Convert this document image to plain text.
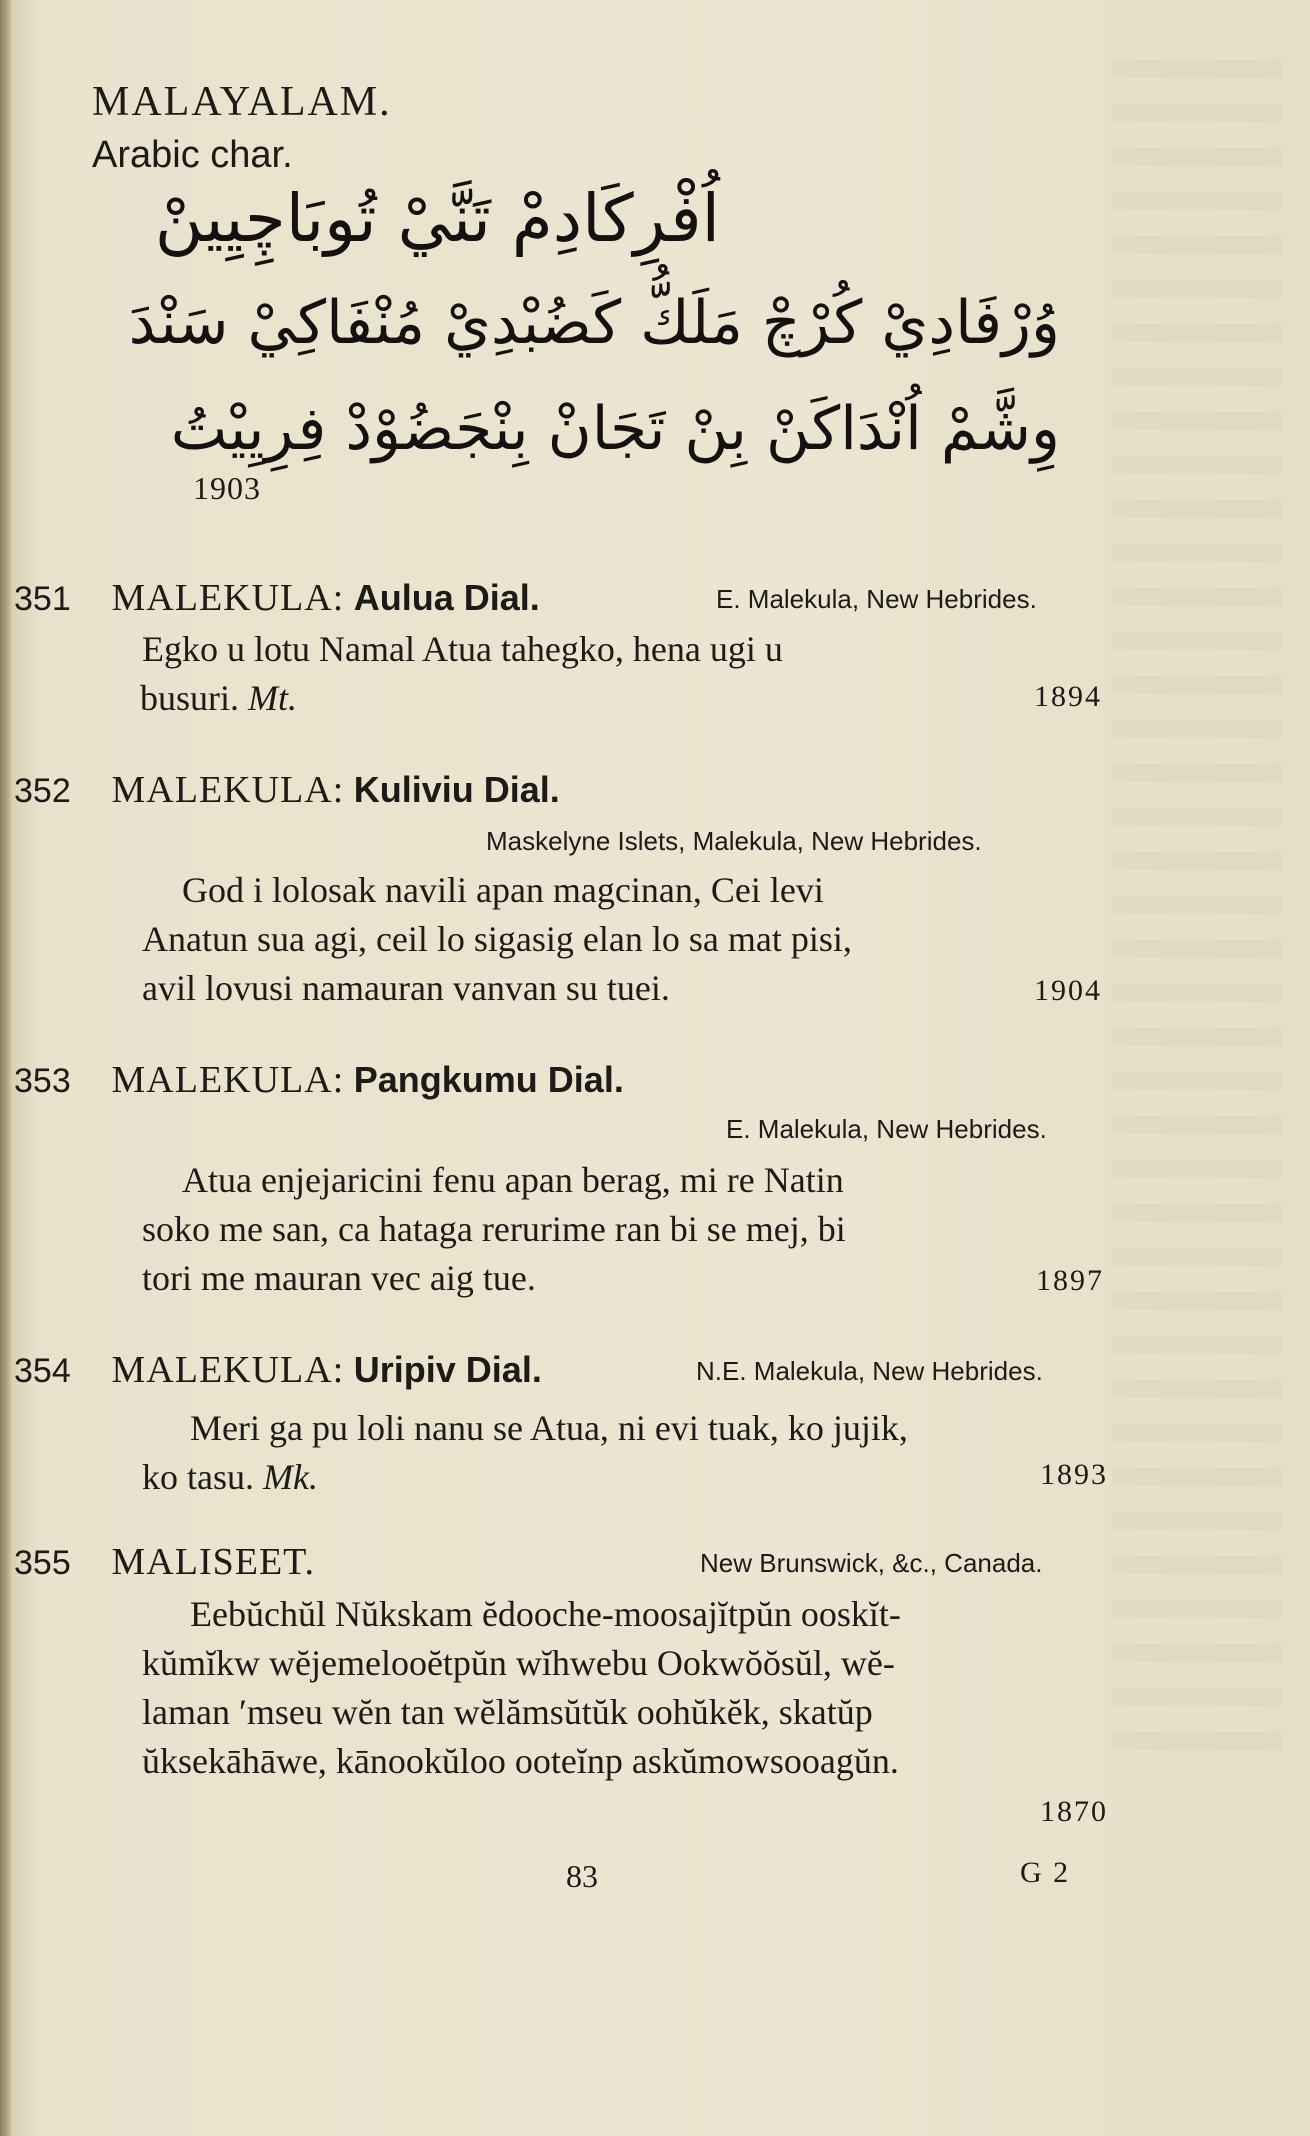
MALAYALAM.
Arabic char.
اُفْرِكَادِمْ تَنَّيْ تُوبَاچِيِينْ
وُرْفَادِيْ كُرْچْ مَلَكُّ كَضُبْدِيْ مُنْفَاكِيْ سَنْدَ
وِشَّمْ اُنْدَاكَنْ بِنْ تَجَانْ بِنْجَضُوْدْ فِرِيِيْتُ
1903
351 MALEKULA: Aulua Dial.	E. Malekula, New Hebrides.
Egko u lotu Namal Atua tahegko, hena ugi u
busuri. Mt.	1894
352 MALEKULA: Kuliviu Dial.
Maskelyne Islets, Malekula, New Hebrides.
God i lolosak navili apan magcinan, Cei levi
Anatun sua agi, ceil lo sigasig elan lo sa mat pisi,
avil lovusi namauran vanvan su tuei.	1904
353 MALEKULA: Pangkumu Dial.
E. Malekula, New Hebrides.
Atua enjejaricini fenu apan berag, mi re Natin
soko me san, ca hataga rerurime ran bi se mej, bi
tori me mauran vec aig tue.	1897
354 MALEKULA: Uripiv Dial.	N.E. Malekula, New Hebrides.
Meri ga pu loli nanu se Atua, ni evi tuak, ko jujik,
ko tasu. Mk.	1893
355 MALISEET.	New Brunswick, &c., Canada.
Eebŭchŭl Nŭkskam ĕdooche-moosajĭtpŭn ooskĭt-
kŭmĭkw wĕjemelooĕtpŭn wĭhwebu Ookwŏŏsŭl, wĕ-
laman ʹmseu wĕn tan wĕlămsŭtŭk oohŭkĕk, skatŭp
ŭksekāhāwe, kānookŭloo ooteĭnp askŭmowsooagŭn.
1870
83	G 2
